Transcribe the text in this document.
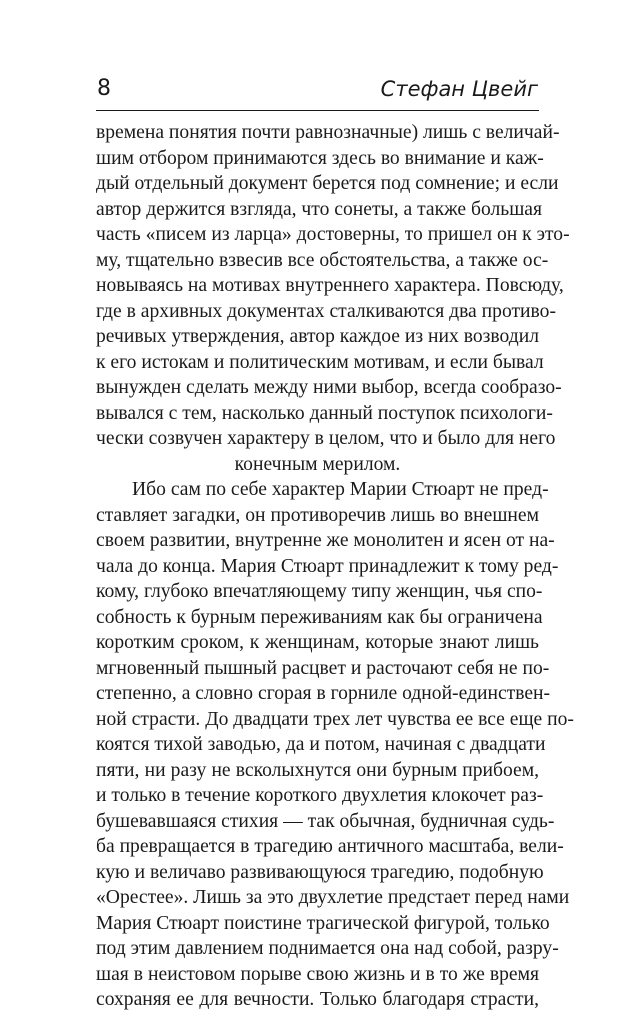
8	Стефан Цвейг
времена понятия почти равнозначные) лишь с величай-
шим отбором принимаются здесь во внимание и каж-
дый отдельный документ берется под сомнение; и если
автор держится взгляда, что сонеты, а также большая
часть «писем из ларца» достоверны, то пришел он к это-
му, тщательно взвесив все обстоятельства, а также ос-
новываясь на мотивах внутреннего характера. Повсюду,
где в архивных документах сталкиваются два противо-
речивых утверждения, автор каждое из них возводил
к его истокам и политическим мотивам, и если бывал
вынужден сделать между ними выбор, всегда сообразо-
вывался с тем, насколько данный поступок психологи-
чески созвучен характеру в целом, что и было для него
конечным мерилом.
Ибо сам по себе характер Марии Стюарт не пред-
ставляет загадки, он противоречив лишь во внешнем
своем развитии, внутренне же монолитен и ясен от на-
чала до конца. Мария Стюарт принадлежит к тому ред-
кому, глубоко впечатляющему типу женщин, чья спо-
собность к бурным переживаниям как бы ограничена
коротким сроком, к женщинам, которые знают лишь
мгновенный пышный расцвет и расточают себя не по-
степенно, а словно сгорая в горниле одной-единствен-
ной страсти. До двадцати трех лет чувства ее все еще по-
коятся тихой заводью, да и потом, начиная с двадцати
пяти, ни разу не всколыхнутся они бурным прибоем,
и только в течение короткого двухлетия клокочет раз-
бушевавшаяся стихия — так обычная, будничная судь-
ба превращается в трагедию античного масштаба, вели-
кую и величаво развивающуюся трагедию, подобную
«Орестее». Лишь за это двухлетие предстает перед нами
Мария Стюарт поистине трагической фигурой, только
под этим давлением поднимается она над собой, разру-
шая в неистовом порыве свою жизнь и в то же время
сохраняя ее для вечности. Только благодаря страсти,
